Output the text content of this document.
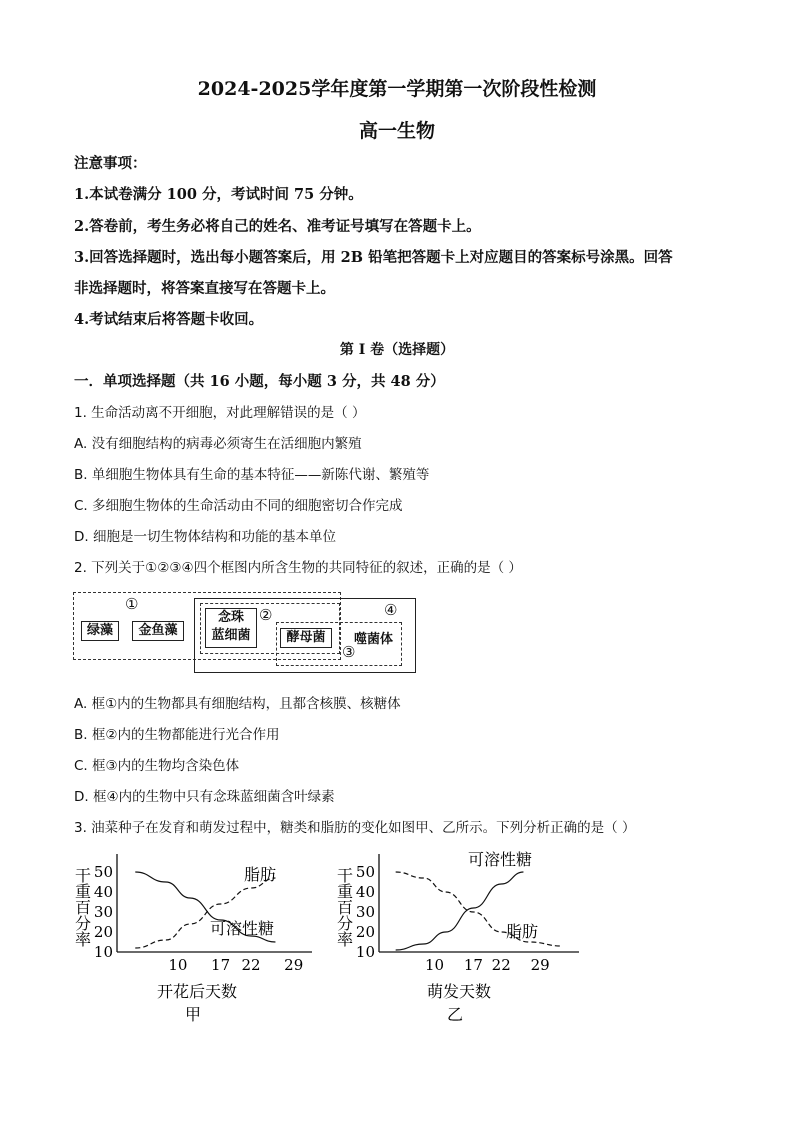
2024-2025学年度第一学期第一次阶段性检测
高一生物
注意事项：
1.本试卷满分 100 分，考试时间 75 分钟。
2.答卷前，考生务必将自己的姓名、准考证号填写在答题卡上。
3.回答选择题时，选出每小题答案后，用 2B 铅笔把答题卡上对应题目的答案标号涂黑。回答
非选择题时，将答案直接写在答题卡上。
4.考试结束后将答题卡收回。
第 I 卷（选择题）
一．单项选择题（共 16 小题，每小题 3 分，共 48 分）
1. 生命活动离不开细胞，对此理解错误的是（ ）
A. 没有细胞结构的病毒必须寄生在活细胞内繁殖
B. 单细胞生物体具有生命的基本特征——新陈代谢、繁殖等
C. 多细胞生物体的生命活动由不同的细胞密切合作完成
D. 细胞是一切生物体结构和功能的基本单位
2. 下列关于①②③④四个框图内所含生物的共同特征的叙述，正确的是（ ）
①
②
③
④
绿藻	金鱼藻
念珠
蓝细菌	酵母菌	噬菌体
A. 框①内的生物都具有细胞结构，且都含核膜、核糖体
B. 框②内的生物都能进行光合作用
C. 框③内的生物均含染色体
D. 框④内的生物中只有念珠蓝细菌含叶绿素
3. 油菜种子在发育和萌发过程中，糖类和脂肪的变化如图甲、乙所示。下列分析正确的是（ ）
干重百分率
10
20
30
40
50
10 17 22 29
脂肪
可溶性糖
开花后天数
甲
干重百分率
10
20
30
40
50
10 17 22 29
可溶性糖
脂肪
萌发天数
乙
